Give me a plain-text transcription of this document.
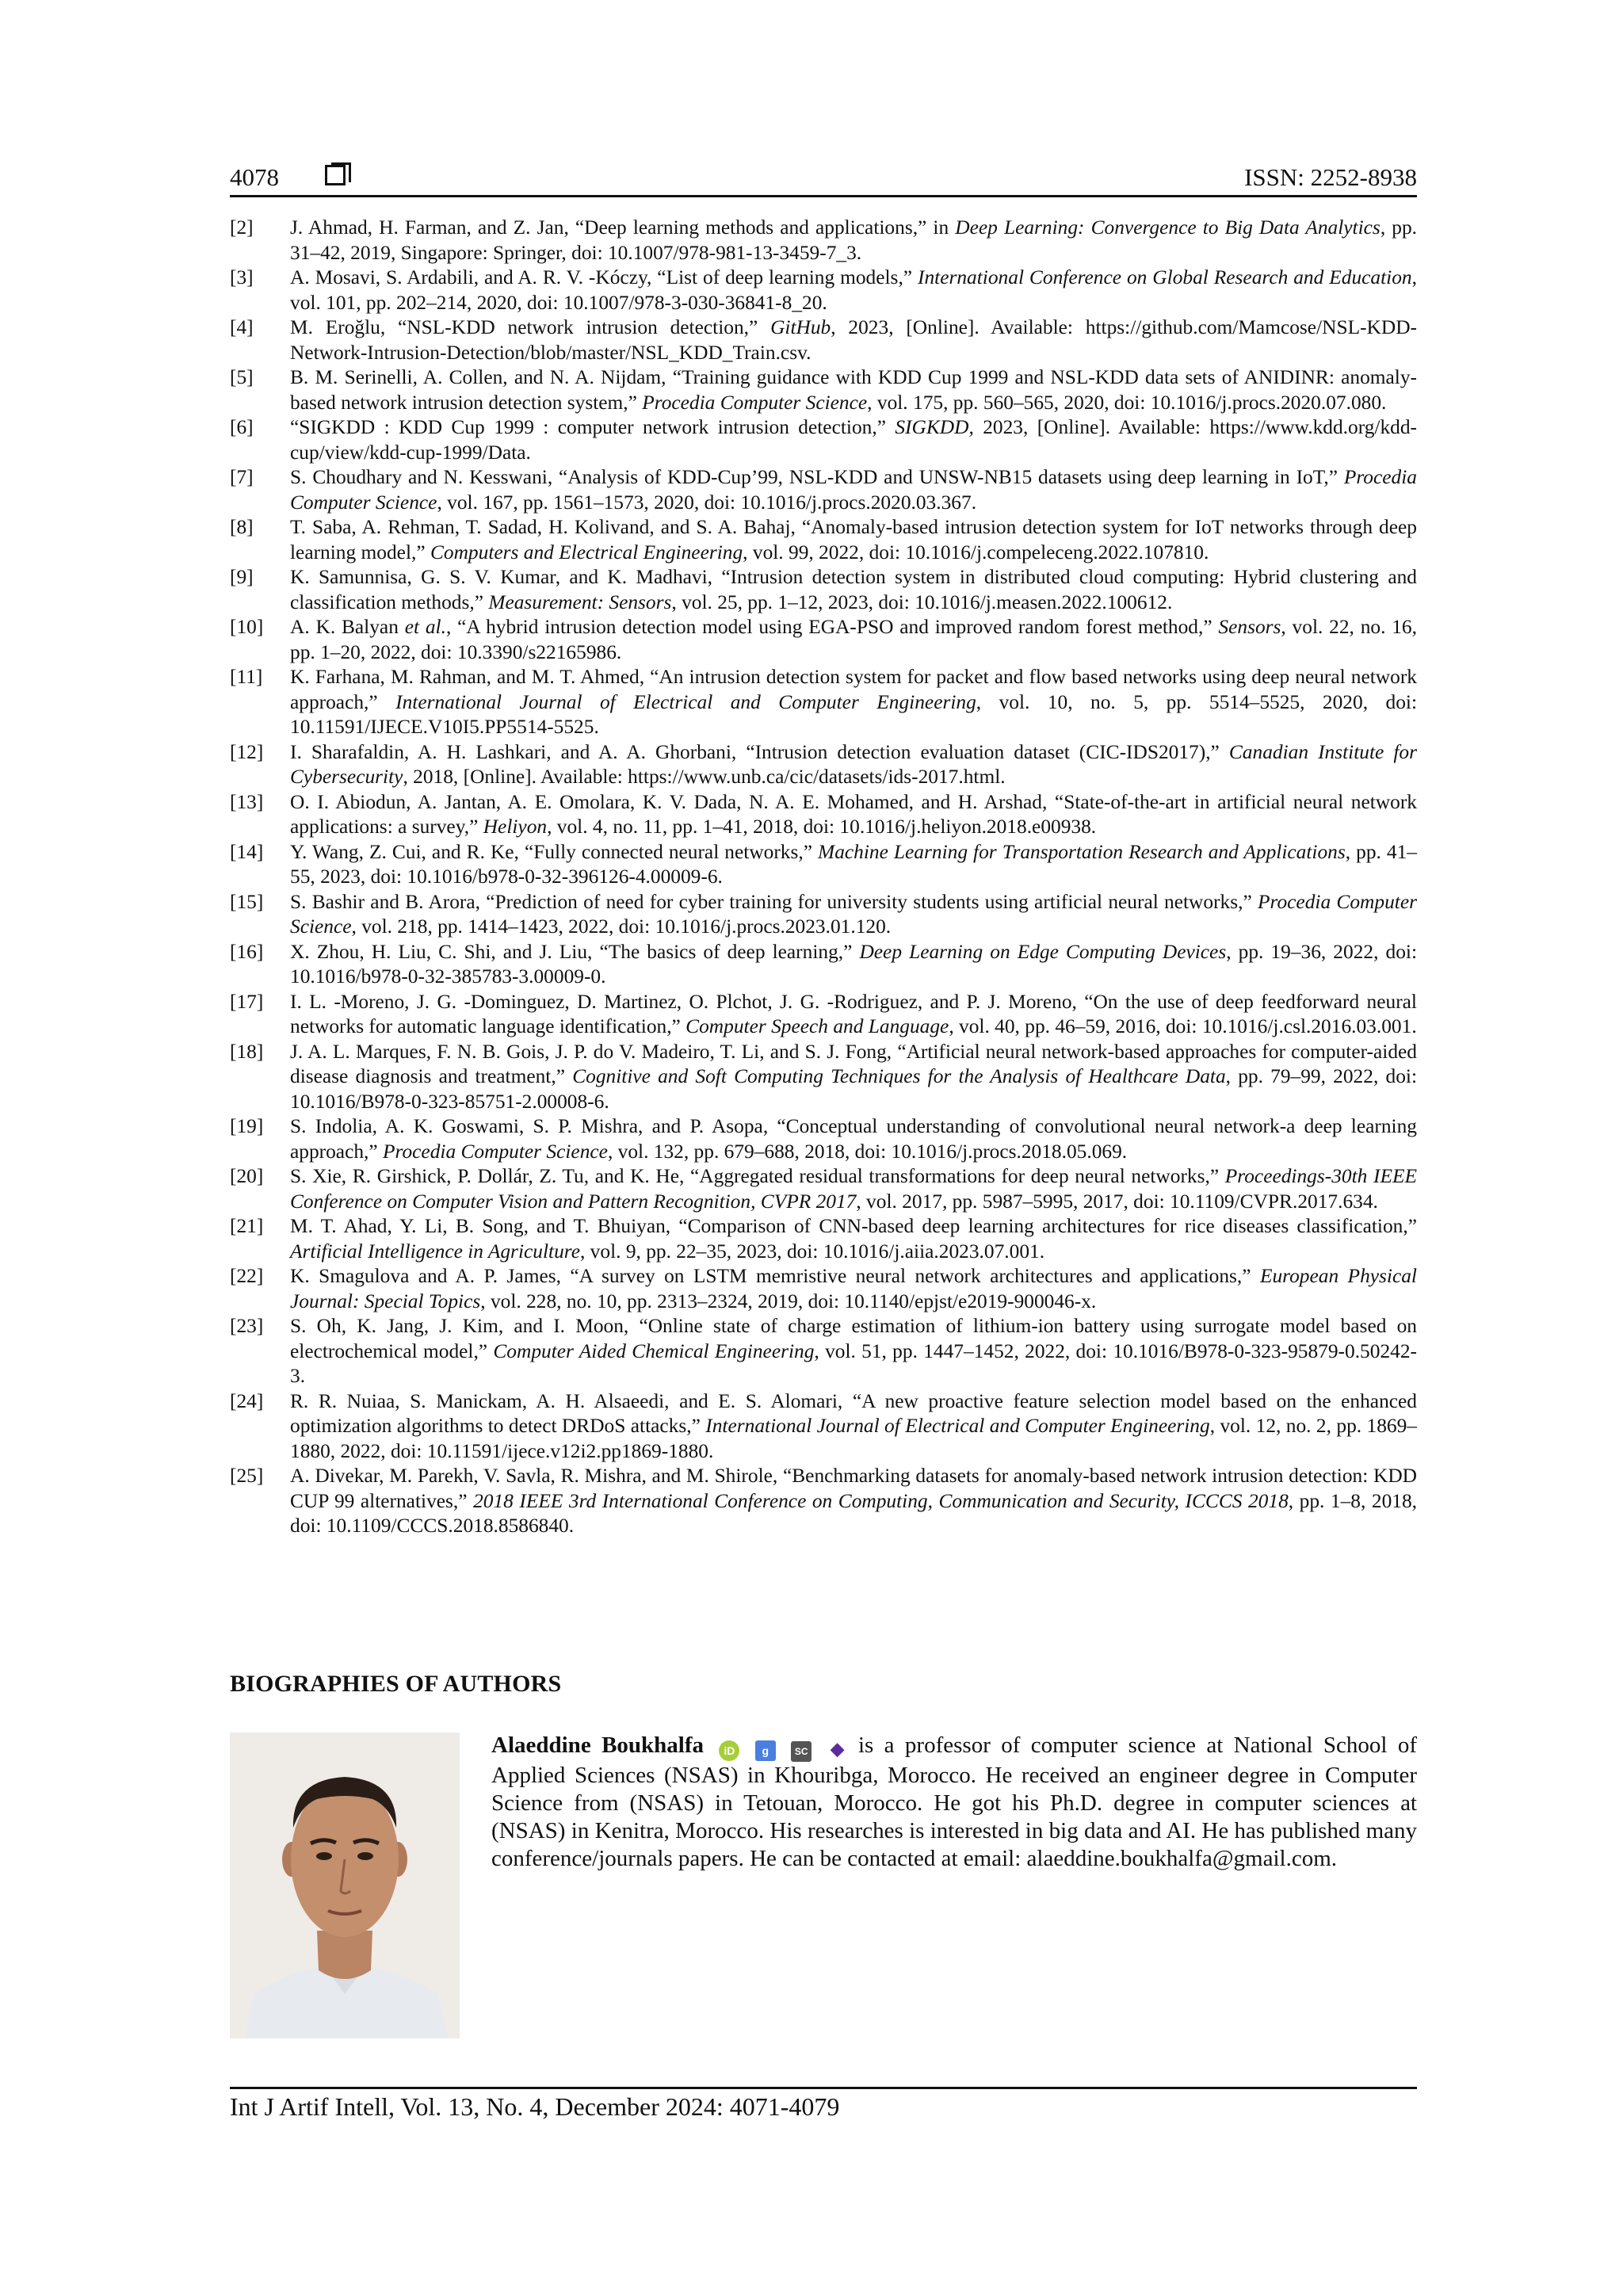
4078	ISSN: 2252-8938
[2]	J. Ahmad, H. Farman, and Z. Jan, “Deep learning methods and applications,” in Deep Learning: Convergence to Big Data Analytics, pp. 31–42, 2019, Singapore: Springer, doi: 10.1007/978-981-13-3459-7_3.
[3]	A. Mosavi, S. Ardabili, and A. R. V. -Kóczy, “List of deep learning models,” International Conference on Global Research and Education, vol. 101, pp. 202–214, 2020, doi: 10.1007/978-3-030-36841-8_20.
[4]	M. Eroğlu, “NSL-KDD network intrusion detection,” GitHub, 2023, [Online]. Available: https://github.com/Mamcose/NSL-KDD-Network-Intrusion-Detection/blob/master/NSL_KDD_Train.csv.
[5]	B. M. Serinelli, A. Collen, and N. A. Nijdam, “Training guidance with KDD Cup 1999 and NSL-KDD data sets of ANIDINR: anomaly-based network intrusion detection system,” Procedia Computer Science, vol. 175, pp. 560–565, 2020, doi: 10.1016/j.procs.2020.07.080.
[6]	“SIGKDD : KDD Cup 1999 : computer network intrusion detection,” SIGKDD, 2023, [Online]. Available: https://www.kdd.org/kdd-cup/view/kdd-cup-1999/Data.
[7]	S. Choudhary and N. Kesswani, “Analysis of KDD-Cup’99, NSL-KDD and UNSW-NB15 datasets using deep learning in IoT,” Procedia Computer Science, vol. 167, pp. 1561–1573, 2020, doi: 10.1016/j.procs.2020.03.367.
[8]	T. Saba, A. Rehman, T. Sadad, H. Kolivand, and S. A. Bahaj, “Anomaly-based intrusion detection system for IoT networks through deep learning model,” Computers and Electrical Engineering, vol. 99, 2022, doi: 10.1016/j.compeleceng.2022.107810.
[9]	K. Samunnisa, G. S. V. Kumar, and K. Madhavi, “Intrusion detection system in distributed cloud computing: Hybrid clustering and classification methods,” Measurement: Sensors, vol. 25, pp. 1–12, 2023, doi: 10.1016/j.measen.2022.100612.
[10]	A. K. Balyan et al., “A hybrid intrusion detection model using EGA-PSO and improved random forest method,” Sensors, vol. 22, no. 16, pp. 1–20, 2022, doi: 10.3390/s22165986.
[11]	K. Farhana, M. Rahman, and M. T. Ahmed, “An intrusion detection system for packet and flow based networks using deep neural network approach,” International Journal of Electrical and Computer Engineering, vol. 10, no. 5, pp. 5514–5525, 2020, doi: 10.11591/IJECE.V10I5.PP5514-5525.
[12]	I. Sharafaldin, A. H. Lashkari, and A. A. Ghorbani, “Intrusion detection evaluation dataset (CIC-IDS2017),” Canadian Institute for Cybersecurity, 2018, [Online]. Available: https://www.unb.ca/cic/datasets/ids-2017.html.
[13]	O. I. Abiodun, A. Jantan, A. E. Omolara, K. V. Dada, N. A. E. Mohamed, and H. Arshad, “State-of-the-art in artificial neural network applications: a survey,” Heliyon, vol. 4, no. 11, pp. 1–41, 2018, doi: 10.1016/j.heliyon.2018.e00938.
[14]	Y. Wang, Z. Cui, and R. Ke, “Fully connected neural networks,” Machine Learning for Transportation Research and Applications, pp. 41–55, 2023, doi: 10.1016/b978-0-32-396126-4.00009-6.
[15]	S. Bashir and B. Arora, “Prediction of need for cyber training for university students using artificial neural networks,” Procedia Computer Science, vol. 218, pp. 1414–1423, 2022, doi: 10.1016/j.procs.2023.01.120.
[16]	X. Zhou, H. Liu, C. Shi, and J. Liu, “The basics of deep learning,” Deep Learning on Edge Computing Devices, pp. 19–36, 2022, doi: 10.1016/b978-0-32-385783-3.00009-0.
[17]	I. L. -Moreno, J. G. -Dominguez, D. Martinez, O. Plchot, J. G. -Rodriguez, and P. J. Moreno, “On the use of deep feedforward neural networks for automatic language identification,” Computer Speech and Language, vol. 40, pp. 46–59, 2016, doi: 10.1016/j.csl.2016.03.001.
[18]	J. A. L. Marques, F. N. B. Gois, J. P. do V. Madeiro, T. Li, and S. J. Fong, “Artificial neural network-based approaches for computer-aided disease diagnosis and treatment,” Cognitive and Soft Computing Techniques for the Analysis of Healthcare Data, pp. 79–99, 2022, doi: 10.1016/B978-0-323-85751-2.00008-6.
[19]	S. Indolia, A. K. Goswami, S. P. Mishra, and P. Asopa, “Conceptual understanding of convolutional neural network-a deep learning approach,” Procedia Computer Science, vol. 132, pp. 679–688, 2018, doi: 10.1016/j.procs.2018.05.069.
[20]	S. Xie, R. Girshick, P. Dollár, Z. Tu, and K. He, “Aggregated residual transformations for deep neural networks,” Proceedings-30th IEEE Conference on Computer Vision and Pattern Recognition, CVPR 2017, vol. 2017, pp. 5987–5995, 2017, doi: 10.1109/CVPR.2017.634.
[21]	M. T. Ahad, Y. Li, B. Song, and T. Bhuiyan, “Comparison of CNN-based deep learning architectures for rice diseases classification,” Artificial Intelligence in Agriculture, vol. 9, pp. 22–35, 2023, doi: 10.1016/j.aiia.2023.07.001.
[22]	K. Smagulova and A. P. James, “A survey on LSTM memristive neural network architectures and applications,” European Physical Journal: Special Topics, vol. 228, no. 10, pp. 2313–2324, 2019, doi: 10.1140/epjst/e2019-900046-x.
[23]	S. Oh, K. Jang, J. Kim, and I. Moon, “Online state of charge estimation of lithium-ion battery using surrogate model based on electrochemical model,” Computer Aided Chemical Engineering, vol. 51, pp. 1447–1452, 2022, doi: 10.1016/B978-0-323-95879-0.50242-3.
[24]	R. R. Nuiaa, S. Manickam, A. H. Alsaeedi, and E. S. Alomari, “A new proactive feature selection model based on the enhanced optimization algorithms to detect DRDoS attacks,” International Journal of Electrical and Computer Engineering, vol. 12, no. 2, pp. 1869–1880, 2022, doi: 10.11591/ijece.v12i2.pp1869-1880.
[25]	A. Divekar, M. Parekh, V. Savla, R. Mishra, and M. Shirole, “Benchmarking datasets for anomaly-based network intrusion detection: KDD CUP 99 alternatives,” 2018 IEEE 3rd International Conference on Computing, Communication and Security, ICCCS 2018, pp. 1–8, 2018, doi: 10.1109/CCCS.2018.8586840.
BIOGRAPHIES OF AUTHORS
Alaeddine Boukhalfa iD g	SC ◆ is a professor of computer science at National School of Applied Sciences (NSAS) in Khouribga, Morocco. He received an engineer degree in Computer Science from (NSAS) in Tetouan, Morocco. He got his Ph.D. degree in computer sciences at (NSAS) in Kenitra, Morocco. His researches is interested in big data and AI. He has published many conference/journals papers. He can be contacted at email: alaeddine.boukhalfa@gmail.com.
Int J Artif Intell, Vol. 13, No. 4, December 2024: 4071-4079
